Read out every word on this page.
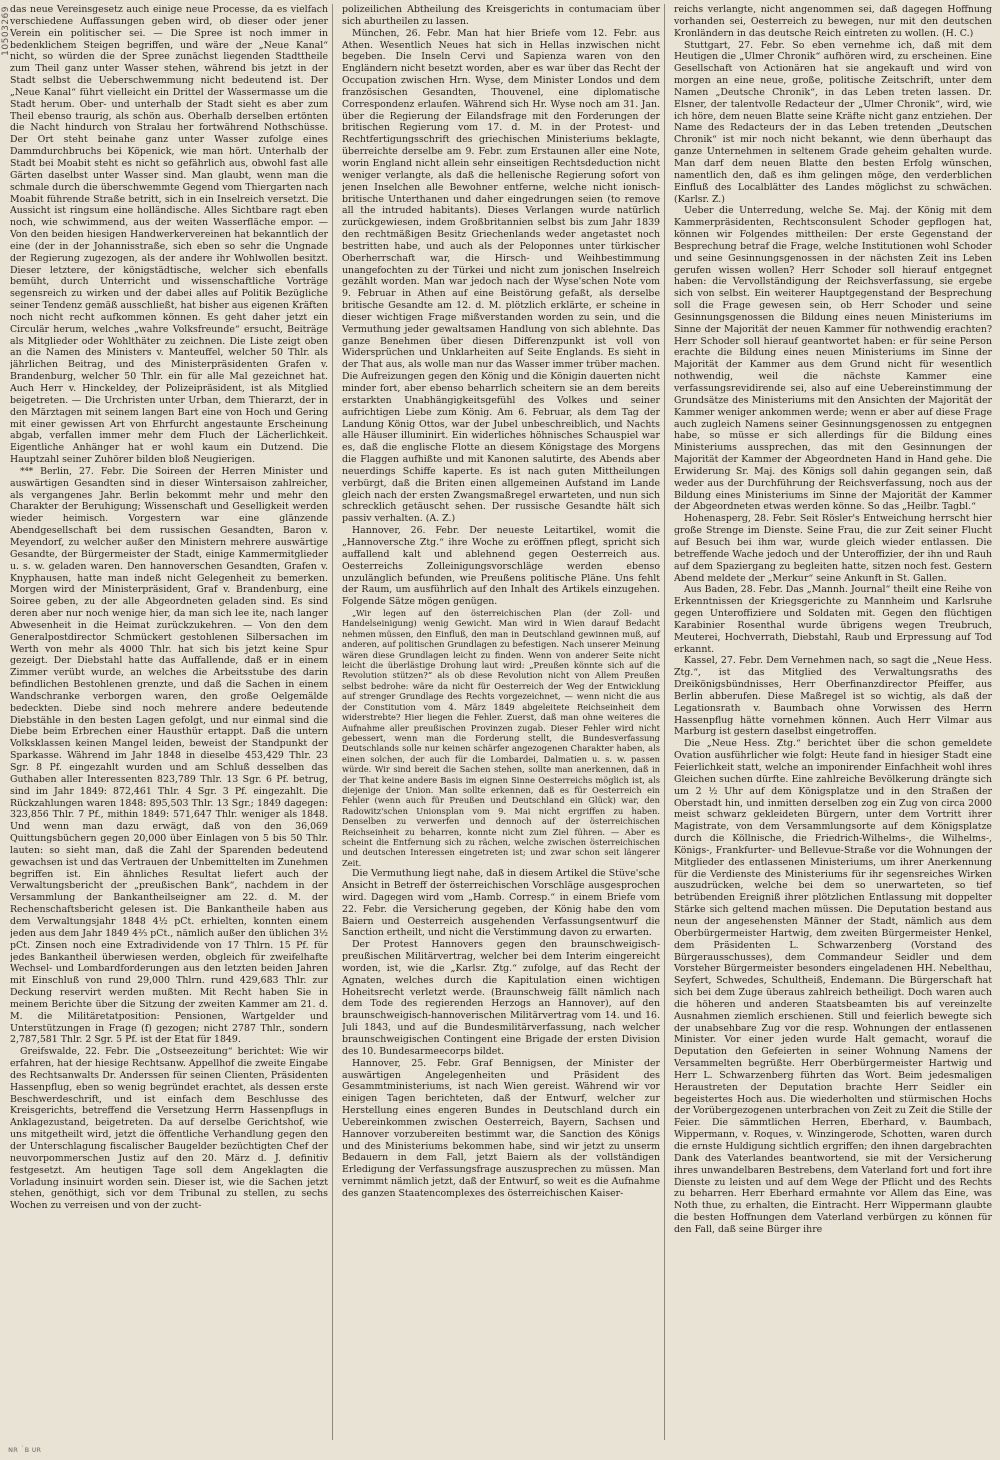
10503269 das neue Vereinsgesetz auch einige neue Processe, da es vielfach verschiedene Auffassungen geben wird, ob dieser oder jener Verein ein politischer sei. — Die Spree ist noch immer in bedenklichem Steigen begriffen, und wäre der „Neue Kanal“ nicht, so würden die der Spree zunächst liegenden Stadttheile zum Theil ganz unter Wasser stehen, während bis jetzt in der Stadt selbst die Ueberschwemmung nicht bedeutend ist. Der „Neue Kanal“ führt vielleicht ein Drittel der Wassermasse um die Stadt herum. Ober- und unterhalb der Stadt sieht es aber zum Theil ebenso traurig, als schön aus. Oberhalb derselben ertönten die Nacht hindurch von Stralau her fortwährend Nothschüsse. Der Ort steht beinahe ganz unter Wasser zufolge eines Dammdurchbruchs bei Köpenick, wie man hört. Unterhalb der Stadt bei Moabit steht es nicht so gefährlich aus, obwohl fast alle Gärten daselbst unter Wasser sind. Man glaubt, wenn man die schmale durch die überschwemmte Gegend vom Thiergarten nach Moabit führende Straße betritt, sich in ein Inselreich versetzt. Die Aussicht ist ringsum eine holländische. Alles Sichtbare ragt eben noch, wie schwimmend, aus der weiten Wasserfläche empor. — Von den beiden hiesigen Handwerkervereinen hat bekanntlich der eine (der in der Johannisstraße, sich eben so sehr die Ungnade der Regierung zugezogen, als der andere ihr Wohlwollen besitzt. Dieser letztere, der königstädtische, welcher sich ebenfalls bemüht, durch Unterricht und wissenschaftliche Vorträge segensreich zu wirken und der dabei alles auf Politik Bezügliche seiner Tendenz gemäß ausschließt, hat bisher aus eigenen Kräften noch nicht recht aufkommen können. Es geht daher jetzt ein Circulär herum, welches „wahre Volksfreunde“ ersucht, Beiträge als Mitglieder oder Wohlthäter zu zeichnen. Die Liste zeigt oben an die Namen des Ministers v. Manteuffel, welcher 50 Thlr. als jährlichen Beitrag, und des Ministerpräsidenten Grafen v. Brandenburg, welcher 50 Thlr. ein für alle Mal gezeichnet hat. Auch Herr v. Hinckeldey, der Polizeipräsident, ist als Mitglied beigetreten. — Die Urchristen unter Urban, dem Thierarzt, der in den Märztagen mit seinem langen Bart eine von Hoch und Gering mit einer gewissen Art von Ehrfurcht angestaunte Erscheinung abgab, verfallen immer mehr dem Fluch der Lächerlichkeit. Eigentliche Anhänger hat er wohl kaum ein Dutzend. Die Hauptzahl seiner Zuhörer bilden bloß Neugierigen.

*⁴* Berlin, 27. Febr. Die Soireen der Herren Minister und auswärtigen Gesandten sind in dieser Wintersaison zahlreicher, als vergangenes Jahr. Berlin bekommt mehr und mehr den Charakter der Beruhigung; Wissenschaft und Geselligkeit werden wieder heimisch. Vorgestern war eine glänzende Abendgesellschaft bei dem russischen Gesandten, Baron v. Meyendorf, zu welcher außer den Ministern mehrere auswärtige Gesandte, der Bürgermeister der Stadt, einige Kammermitglieder u. s. w. geladen waren. Den hannoverschen Gesandten, Grafen v. Knyphausen, hatte man indeß nicht Gelegenheit zu bemerken. Morgen wird der Ministerpräsident, Graf v. Brandenburg, eine Soiree geben, zu der alle Abgeordneten geladen sind. Es sind deren aber nur noch wenige hier, da man sich lee ite, nach langer Abwesenheit in die Heimat zurückzukehren. — Von den dem Generalpostdirector Schmückert gestohlenen Silbersachen im Werth von mehr als 4000 Thlr. hat sich bis jetzt keine Spur gezeigt. Der Diebstahl hatte das Auffallende, daß er in einem Zimmer verübt wurde, an welches die Arbeitsstube des darin befindlichen Bestohlenen grenzte, und daß die Sachen in einem Wandschranke verborgen waren, den große Oelgemälde bedeckten. Diebe sind noch mehrere andere bedeutende Diebstähle in den besten Lagen gefolgt, und nur einmal sind die Diebe beim Erbrechen einer Hausthür ertappt. Daß die untern Volksklassen keinen Mangel leiden, beweist der Standpunkt der Sparkasse. Während im Jahr 1848 in dieselbe 453,429 Thlr. 23 Sgr. 8 Pf. eingezahlt wurden und am Schluß desselben das Guthaben aller Interessenten 823,789 Thlr. 13 Sgr. 6 Pf. betrug, sind im Jahr 1849: 872,461 Thlr. 4 Sgr. 3 Pf. eingezahlt. Die Rückzahlungen waren 1848: 895,503 Thlr. 13 Sgr.; 1849 dagegen: 323,856 Thlr. 7 Pf., mithin 1849: 571,647 Thlr. weniger als 1848. Und wenn man dazu erwägt, daß von den 36,069 Quittungsbüchern gegen 20,000 über Einlagen von 5 bis 50 Thlr. lauten: so sieht man, daß die Zahl der Sparenden bedeutend gewachsen ist und das Vertrauen der Unbemittelten im Zunehmen begriffen ist. Ein ähnliches Resultat liefert auch der Verwaltungsbericht der „preußischen Bank“, nachdem in der Versammlung der Bankantheilseigner am 22. d. M. der Rechenschaftsbericht gelesen ist. Die Bankantheile haben aus dem Verwaltungsjahr 1848 4½ pCt. erhielten, konnten einem jeden aus dem Jahr 1849 4⅔ pCt., nämlich außer den üblichen 3½ pCt. Zinsen noch eine Extradividende von 17 Thlrn. 15 Pf. für jedes Bankantheil überwiesen werden, obgleich für zweifelhafte Wechsel- und Lombardforderungen aus den letzten beiden Jahren mit Einschluß von rund 29,000 Thlrn. rund 429,683 Thlr. zur Deckung reservirt werden mußten. Mit Recht haben Sie in meinem Berichte über die Sitzung der zweiten Kammer am 21. d. M. die Militäretatposition: Pensionen, Wartgelder und Unterstützungen in Frage (f) gezogen; nicht 2787 Thlr., sondern 2,787,581 Thlr. 2 Sgr. 5 Pf. ist der Etat für 1849.

Greifswalde, 22. Febr. Die „Ostseezeitung“ berichtet: Wie wir erfahren, hat der hiesige Rechtsanw. Appellhof die zweite Eingabe des Rechtsanwalts Dr. Anderssen für seinen Clienten, Präsidenten Hassenpflug, eben so wenig begründet erachtet, als dessen erste Beschwerdeschrift, und ist einfach dem Beschlusse des Kreisgerichts, betreffend die Versetzung Herrn Hassenpflugs in Anklagezustand, beigetreten. Da auf derselbe Gerichtshof, wie uns mitgetheilt wird, jetzt die öffentliche Verhandlung gegen den der Unterschlagung fiscalischer Baugelder bezüchtigten Chef der neuvorpommerschen Justiz auf den 20. März d. J. definitiv festgesetzt. Am heutigen Tage soll dem Angeklagten die Vorladung insinuirt worden sein. Dieser ist, wie die Sachen jetzt stehen, genöthigt, sich vor dem Tribunal zu stellen, zu sechs Wochen zu verreisen und von der zucht-

polizeilichen Abtheilung des Kreisgerichts in contumaciam über sich aburtheilen zu lassen.

München, 26. Febr. Man hat hier Briefe vom 12. Febr. aus Athen. Wesentlich Neues hat sich in Hellas inzwischen nicht begeben. Die Inseln Cervi und Sapienza waren von den Engländern nicht besetzt worden, aber es war über das Recht der Occupation zwischen Hrn. Wyse, dem Minister Londos und dem französischen Gesandten, Thouvenel, eine diplomatische Correspondenz erlaufen. Während sich Hr. Wyse noch am 31. Jan. über die Regierung der Eilandsfrage mit den Forderungen der britischen Regierung vom 17. d. M. in der Protest- und Rechtfertigungsschrift des griechischen Ministeriums beklagte, überreichte derselbe am 9. Febr. zum Erstaunen aller eine Note, worin England nicht allein sehr einseitigen Rechtsdeduction nicht weniger verlangte, als daß die hellenische Regierung sofort von jenen Inselchen alle Bewohner entferne, welche nicht ionisch-britische Unterthanen und daher eingedrungen seien (to remove all the intruded habitants). Dieses Verlangen wurde natürlich zurückgewiesen, indem Großbritannien selbst bis zum Jahr 1839 den rechtmäßigen Besitz Griechenlands weder angetastet noch bestritten habe, und auch als der Peloponnes unter türkischer Oberherrschaft war, die Hirsch- und Weihbestimmung unangefochten zu der Türkei und nicht zum jonischen Inselreich gezählt worden. Man war jedoch nach der Wyse'schen Note vom 9. Februar in Athen auf eine Beistörung gefaßt, als derselbe britische Gesandte am 12. d. M. plötzlich erklärte, er scheine in dieser wichtigen Frage mißverstanden worden zu sein, und die Vermuthung jeder gewaltsamen Handlung von sich ablehnte. Das ganze Benehmen über diesen Differenzpunkt ist voll von Widersprüchen und Unklarheiten auf Seite Englands. Es sieht in der That aus, als wolle man nur das Wasser immer trüber machen. Die Aufreizungen gegen den König und die Königin dauerten nicht minder fort, aber ebenso beharrlich scheitern sie an dem bereits erstarkten Unabhängigkeitsgefühl des Volkes und seiner aufrichtigen Liebe zum König. Am 6. Februar, als dem Tag der Landung König Ottos, war der Jubel unbeschreiblich, und Nachts alle Häuser illuminirt. Ein widerliches höhnisches Schauspiel war es, daß die englische Flotte an diesem Königstage des Morgens die Flaggen aufhißte und mit Kanonen salutirte, des Abends aber neuerdings Schiffe kaperte. Es ist nach guten Mittheilungen verbürgt, daß die Briten einen allgemeinen Aufstand im Lande gleich nach der ersten Zwangsmaßregel erwarteten, und nun sich schrecklich getäuscht sehen. Der russische Gesandte hält sich passiv verhalten. (A. Z.)

Hannover, 26. Febr. Der neueste Leitartikel, womit die „Hannoversche Ztg.“ ihre Woche zu eröffnen pflegt, spricht sich auffallend kalt und ablehnend gegen Oesterreich aus. Oesterreichs Zolleinigungsvorschläge werden ebenso unzulänglich befunden, wie Preußens politische Pläne. Uns fehlt der Raum, um ausführlich auf den Inhalt des Artikels einzugehen. Folgende Sätze mögen genügen.

„Wir legen auf den österreichischen Plan (der Zoll- und Handelseinigung) wenig Gewicht. Man wird in Wien darauf Bedacht nehmen müssen, den Einfluß, den man in Deutschland gewinnen muß, auf anderen, auf politischen Grundlagen zu befestigen. Nach unserer Meinung wären diese Grundlagen leicht zu finden. Wenn von anderer Seite nicht leicht die überlästige Drohung laut wird: „Preußen könnte sich auf die Revolution stützen?“ als ob diese Revolution nicht von Allem Preußen selbst bedrohe: wäre da nicht für Oesterreich der Weg der Entwicklung auf strenger Grundlage des Rechts vorgezeichnet, — wenn nicht die aus der Constitution vom 4. März 1849 abgeleitete Reichseinheit dem widerstrebte? Hier liegen die Fehler. Zuerst, daß man ohne weiteres die Aufnahme aller preußischen Provinzen zugab. Dieser Fehler wird nicht gebessert, wenn man die Forderung stellt, die Bundesverfassung Deutschlands solle nur keinen schärfer angezogenen Charakter haben, als einen solchen, der auch für die Lombardei, Dalmatien u. s. w. passen würde. Wir sind bereit die Sachen stehen, sollte man anerkennen, daß in der That keine andere Basis im eignen Sinne Oesterreichs möglich ist, als diejenige der Union. Man sollte erkennen, daß es für Oesterreich ein Fehler (wenn auch für Preußen und Deutschland ein Glück) war, den Radowitz'schen Unionsplan vom 9. Mai nicht ergriffen zu haben. Denselben zu verwerfen und dennoch auf der österreichischen Reichseinheit zu beharren, konnte nicht zum Ziel führen. — Aber es scheint die Entfernung sich zu rächen, welche zwischen österreichischen und deutschen Interessen eingetreten ist; und zwar schon seit längerer Zeit.

Die Vermuthung liegt nahe, daß in diesem Artikel die Stüve'sche Ansicht in Betreff der österreichischen Vorschläge ausgesprochen wird. Dagegen wird vom „Hamb. Corresp.“ in einem Briefe vom 22. Febr. die Versicherung gegeben, der König habe den vom Baiern und Oesterreich ausgehenden Verfassungsentwurf die Sanction ertheilt, und nicht die Verstimmung davon zu erwarten.

Der Protest Hannovers gegen den braunschweigisch-preußischen Militärvertrag, welcher bei dem Interim eingereicht worden, ist, wie die „Karlsr. Ztg.“ zufolge, auf das Recht der Agnaten, welches durch die Kapitulation einen wichtigen Hoheitsrecht verletzt werde. (Braunschweig fällt nämlich nach dem Tode des regierenden Herzogs an Hannover), auf den braunschweigisch-hannoverischen Militärvertrag vom 14. und 16. Juli 1843, und auf die Bundesmilitärverfassung, nach welcher braunschweigischen Contingent eine Brigade der ersten Division des 10. Bundesarmeecorps bildet.

Hannover, 25. Febr. Graf Bennigsen, der Minister der auswärtigen Angelegenheiten und Präsident des Gesammtministeriums, ist nach Wien gereist. Während wir vor einigen Tagen berichteten, daß der Entwurf, welcher zur Herstellung eines engeren Bundes in Deutschland durch ein Uebereinkommen zwischen Oesterreich, Bayern, Sachsen und Hannover vorzubereiten bestimmt war, die Sanction des Königs und des Ministeriums bekommen habe, sind wir jetzt zu unserm Bedauern in dem Fall, jetzt Baiern als der vollständigen Erledigung der Verfassungsfrage auszusprechen zu müssen. Man vernimmt nämlich jetzt, daß der Entwurf, so weit es die Aufnahme des ganzen Staatencomplexes des österreichischen Kaiser-

reichs verlangte, nicht angenommen sei, daß dagegen Hoffnung vorhanden sei, Oesterreich zu bewegen, nur mit den deutschen Kronländern in das deutsche Reich eintreten zu wollen. (H. C.)

Stuttgart, 27. Febr. So eben vernehme ich, daß mit dem Heutigen die „Ulmer Chronik“ aufhören wird, zu erscheinen. Eine Gesellschaft von Actionären hat sie angekauft und wird von morgen an eine neue, große, politische Zeitschrift, unter dem Namen „Deutsche Chronik“, in das Leben treten lassen. Dr. Elsner, der talentvolle Redacteur der „Ulmer Chronik“, wird, wie ich höre, dem neuen Blatte seine Kräfte nicht ganz entziehen. Der Name des Redacteurs der in das Leben tretenden „Deutschen Chronik“ ist mir noch nicht bekannt, wie denn überhaupt das ganze Unternehmen in seltenem Grade geheim gehalten wurde. Man darf dem neuen Blatte den besten Erfolg wünschen, namentlich den, daß es ihm gelingen möge, den verderblichen Einfluß des Localblätter des Landes möglichst zu schwächen. (Karlsr. Z.)

Ueber die Unterredung, welche Se. Maj. der König mit dem Kammerpräsidenten, Rechtsconsulent Schoder gepflogen hat, können wir Folgendes mittheilen: Der erste Gegenstand der Besprechung betraf die Frage, welche Institutionen wohl Schoder und seine Gesinnungsgenossen in der nächsten Zeit ins Leben gerufen wissen wollen? Herr Schoder soll hierauf entgegnet haben: die Vervollständigung der Reichsverfassung, sie ergebe sich von selbst. Ein weiterer Hauptgegenstand der Besprechung soll die Frage gewesen sein, ob Herr Schoder und seine Gesinnungsgenossen die Bildung eines neuen Ministeriums im Sinne der Majorität der neuen Kammer für nothwendig erachten? Herr Schoder soll hierauf geantwortet haben: er für seine Person erachte die Bildung eines neuen Ministeriums im Sinne der Majorität der Kammer aus dem Grund nicht für wesentlich nothwendig, weil die nächste Kammer eine verfassungsrevidirende sei, also auf eine Uebereinstimmung der Grundsätze des Ministeriums mit den Ansichten der Majorität der Kammer weniger ankommen werde; wenn er aber auf diese Frage auch zugleich Namens seiner Gesinnungsgenossen zu entgegnen habe, so müsse er sich allerdings für die Bildung eines Ministeriums aussprechen, das mit den Gesinnungen der Majorität der Kammer der Abgeordneten Hand in Hand gehe. Die Erwiderung Sr. Maj. des Königs soll dahin gegangen sein, daß weder aus der Durchführung der Reichsverfassung, noch aus der Bildung eines Ministeriums im Sinne der Majorität der Kammer der Abgeordneten etwas werden könne. So das „Heilbr. Tagbl.“

Hohenasperg, 28. Febr. Seit Rösler's Entweichung herrscht hier große Strenge im Dienste. Seine Frau, die zur Zeit seiner Flucht auf Besuch bei ihm war, wurde gleich wieder entlassen. Die betreffende Wache jedoch und der Unteroffizier, der ihn und Rauh auf dem Spaziergang zu begleiten hatte, sitzen noch fest. Gestern Abend meldete der „Merkur“ seine Ankunft in St. Gallen.

Aus Baden, 28. Febr. Das „Mannh. Journal“ theilt eine Reihe von Erkenntnissen der Kriegsgerichte zu Mannheim und Karlsruhe gegen Unteroffiziere und Soldaten mit. Gegen den flüchtigen Karabinier Rosenthal wurde übrigens wegen Treubruch, Meuterei, Hochverrath, Diebstahl, Raub und Erpressung auf Tod erkannt.

Kassel, 27. Febr. Dem Vernehmen nach, so sagt die „Neue Hess. Ztg.“, ist das Mitglied des Verwaltungsraths des Dreikönigsbündnisses, Herr Oberfinanzdirector Pfeiffer, aus Berlin abberufen. Diese Maßregel ist so wichtig, als daß der Legationsrath v. Baumbach ohne Vorwissen des Herrn Hassenpflug hätte vornehmen können. Auch Herr Vilmar aus Marburg ist gestern daselbst eingetroffen.

Die „Neue Hess. Ztg.“ berichtet über die schon gemeldete Ovation ausführlicher wie folgt: Heute fand in hiesiger Stadt eine Feierlichkeit statt, welche an imponirender Einfachheit wohl ihres Gleichen suchen dürfte. Eine zahlreiche Bevölkerung drängte sich um 2 ½ Uhr auf dem Königsplatze und in den Straßen der Oberstadt hin, und inmitten derselben zog ein Zug von circa 2000 meist schwarz gekleideten Bürgern, unter dem Vortritt ihrer Magistrate, von dem Versammlungsorte auf dem Königsplatze durch die Köllnische, die Friedrich-Wilhelms-, die Wilhelms-, Königs-, Frankfurter- und Bellevue-Straße vor die Wohnungen der Mitglieder des entlassenen Ministeriums, um ihrer Anerkennung für die Verdienste des Ministeriums für ihr segensreiches Wirken auszudrücken, welche bei dem so unerwarteten, so tief betrübenden Ereigniß ihrer plötzlichen Entlassung mit doppelter Stärke sich geltend machen müssen. Die Deputation bestand aus neun der angesehensten Männer der Stadt, nämlich aus dem Oberbürgermeister Hartwig, dem zweiten Bürgermeister Henkel, dem Präsidenten L. Schwarzenberg (Vorstand des Bürgerausschusses), dem Commandeur Seidler und dem Vorsteher Bürgermeister besonders eingeladenen HH. Nebelthau, Seyfert, Schwedes, Schultheiß, Endemann. Die Bürgerschaft hat sich bei dem Zuge überaus zahlreich betheiligt. Doch waren auch die höheren und anderen Staatsbeamten bis auf vereinzelte Ausnahmen ziemlich erschienen. Still und feierlich bewegte sich der unabsehbare Zug vor die resp. Wohnungen der entlassenen Minister. Vor einer jeden wurde Halt gemacht, worauf die Deputation den Gefeierten in seiner Wohnung Namens der Versammelten begrüßte. Herr Oberbürgermeister Hartwig und Herr L. Schwarzenberg führten das Wort. Beim jedesmaligen Heraustreten der Deputation brachte Herr Seidler ein begeistertes Hoch aus. Die wiederholten und stürmischen Hochs der Vorübergezogenen unterbrachen von Zeit zu Zeit die Stille der Feier. Die sämmtlichen Herren, Eberhard, v. Baumbach, Wippermann, v. Roques, v. Winzingerode, Schotten, waren durch die ernste Huldigung sichtlich ergriffen; den ihnen dargebrachten Dank des Vaterlandes beantwortend, sie mit der Versicherung ihres unwandelbaren Bestrebens, dem Vaterland fort und fort ihre Dienste zu leisten und auf dem Wege der Pflicht und des Rechts zu beharren. Herr Eberhard ermahnte vor Allem das Eine, was Noth thue, zu erhalten, die Eintracht. Herr Wippermann glaubte die besten Hoffnungen dem Vaterland verbürgen zu können für den Fall, daß seine Bürger ihre

ɴʀ ˙ʙ ᴜʀ
